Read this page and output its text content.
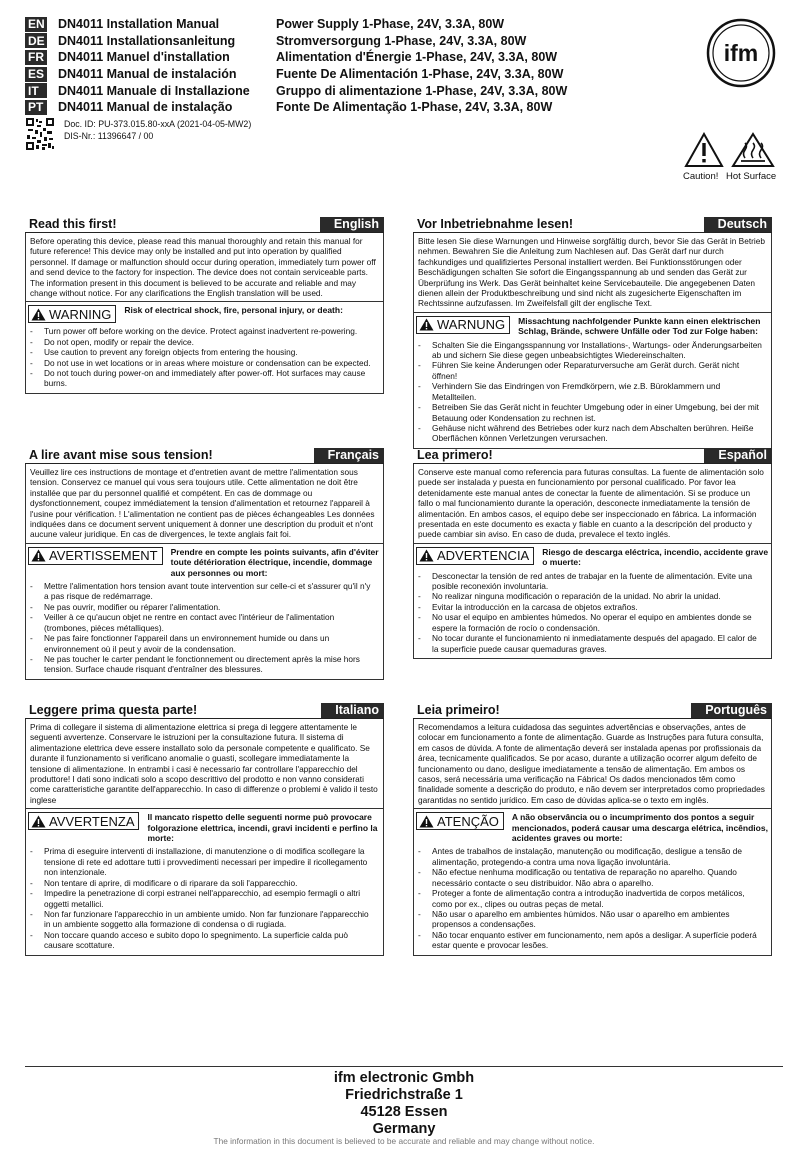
EN DN4011 Installation Manual	Power Supply 1-Phase, 24V, 3.3A, 80W
DE DN4011 Installationsanleitung	Stromversorgung 1-Phase, 24V, 3.3A, 80W
FR DN4011 Manuel d'installation	Alimentation d'Énergie 1-Phase, 24V, 3.3A, 80W
ES DN4011 Manual de instalación	Fuente De Alimentación 1-Phase, 24V, 3.3A, 80W
IT	DN4011 Manuale di Installazione	Gruppo di alimentazione 1-Phase, 24V, 3.3A, 80W
PT DN4011 Manual de instalação	Fonte De Alimentação 1-Phase, 24V, 3.3A, 80W
ifm
Doc. ID: PU-373.015.80-xxA (2021-04-05-MW2)
DIS-Nr.: 11396647 / 00
Caution! Hot Surface
Read this first!	English
Before operating this device, please read this manual thoroughly and retain this manual for future reference! This device may only be installed and put into operation by qualified personnel. If damage or malfunction should occur during operation, immediately turn power off and send device to the factory for inspection. The device does not contain serviceable parts. The information present in this document is believed to be accurate and reliable and may change without notice. For any clarifications the English translation will be used.
WARNING Risk of electrical shock, fire, personal injury, or death:
- Turn power off before working on the device. Protect against inadvertent re-powering.
- Do not open, modify or repair the device.
- Use caution to prevent any foreign objects from entering the housing.
- Do not use in wet locations or in areas where moisture or condensation can be expected.
- Do not touch during power-on and immediately after power-off. Hot surfaces may cause burns.
Vor Inbetriebnahme lesen!	Deutsch
Bitte lesen Sie diese Warnungen und Hinweise sorgfältig durch, bevor Sie das Gerät in Betrieb nehmen. Bewahren Sie die Anleitung zum Nachlesen auf. Das Gerät darf nur durch fachkundiges und qualifiziertes Personal installiert werden. Bei Funktionsstörungen oder Beschädigungen schalten Sie sofort die Eingangsspannung ab und senden das Gerät zur Überprüfung ins Werk. Das Gerät beinhaltet keine Servicebauteile. Die angegebenen Daten dienen allein der Produktbeschreibung und sind nicht als zugesicherte Eigenschaften im Rechtssinne aufzufassen. Im Zweifelsfall gilt der englische Text.
WARNUNG Missachtung nachfolgender Punkte kann einen elektrischen Schlag, Brände, schwere Unfälle oder Tod zur Folge haben:
- Schalten Sie die Eingangsspannung vor Installations-, Wartungs- oder Änderungsarbeiten ab und sichern Sie diese gegen unbeabsichtigtes Wiedereinschalten.
- Führen Sie keine Änderungen oder Reparaturversuche am Gerät durch. Gerät nicht öffnen!
- Verhindern Sie das Eindringen von Fremdkörpern, wie z.B. Büroklammern und Metallteilen.
- Betreiben Sie das Gerät nicht in feuchter Umgebung oder in einer Umgebung, bei der mit Betauung oder Kondensation zu rechnen ist.
- Gehäuse nicht während des Betriebes oder kurz nach dem Abschalten berühren. Heiße Oberflächen können Verletzungen verursachen.
A lire avant mise sous tension!	Français
Veuillez lire ces instructions de montage et d'entretien avant de mettre l'alimentation sous tension. Conservez ce manuel qui vous sera toujours utile. Cette alimentation ne doit être installée que par du personnel qualifié et compétent. En cas de dommage ou dysfonctionnement, coupez immédiatement la tension d'alimentation et retournez l'appareil à l'usine pour vérification. ! L'alimentation ne contient pas de pièces échangeables Les données indiquées dans ce document servent uniquement à donner une description du produit et n'ont aucune valeur juridique. En cas de divergences, le texte anglais fait foi.
AVERTISSEMENT Prendre en compte les points suivants, afin d'éviter toute détérioration électrique, incendie, dommage aux personnes ou mort:
- Mettre l'alimentation hors tension avant toute intervention sur celle-ci et s'assurer qu'il n'y a pas risque de redémarrage.
- Ne pas ouvrir, modifier ou réparer l'alimentation.
- Veiller à ce qu'aucun objet ne rentre en contact avec l'intérieur de l'alimentation (trombones, pièces métalliques).
- Ne pas faire fonctionner l'appareil dans un environnement humide ou dans un environnement où il peut y avoir de la condensation.
- Ne pas toucher le carter pendant le fonctionnement ou directement après la mise hors tension. Surface chaude risquant d'entraîner des blessures.
Lea primero!	Español
Conserve este manual como referencia para futuras consultas. La fuente de alimentación solo puede ser instalada y puesta en funcionamiento por personal cualificado. Por favor lea detenidamente este manual antes de conectar la fuente de alimentación. Si se produce un fallo o mal funcionamiento durante la operación, desconecte inmediatamente la tensión de alimentación. En ambos casos, el equipo debe ser inspeccionado en fábrica. La información presentada en este documento es exacta y fiable en cuanto a la descripción del producto y puede cambiar sin aviso. En caso de duda, prevalece el texto inglés.
ADVERTENCIA Riesgo de descarga eléctrica, incendio, accidente grave o muerte:
- Desconectar la tensión de red antes de trabajar en la fuente de alimentación. Evite una posible reconexión involuntaria.
- No realizar ninguna modificación o reparación de la unidad. No abrir la unidad.
- Evitar la introducción en la carcasa de objetos extraños.
- No usar el equipo en ambientes húmedos. No operar el equipo en ambientes donde se espere la formación de rocío o condensación.
- No tocar durante el funcionamiento ni inmediatamente después del apagado. El calor de la superficie puede causar quemaduras graves.
Leggere prima questa parte!	Italiano
Prima di collegare il sistema di alimentazione elettrica si prega di leggere attentamente le seguenti avvertenze. Conservare le istruzioni per la consultazione futura. Il sistema di alimentazione elettrica deve essere installato solo da personale competente e qualificato. Se durante il funzionamento si verificano anomalie o guasti, scollegare immediatamente la tensione di alimentazione. In entrambi i casi è necessario far controllare l'apparecchio del produttore! I dati sono indicati solo a scopo descrittivo del prodotto e non vanno considerati come caratteristiche garantite dell'apparecchio. In caso di differenze o problemi è valido il testo inglese
AVVERTENZA Il mancato rispetto delle seguenti norme può provocare folgorazione elettrica, incendi, gravi incidenti e perfino la morte:
- Prima di eseguire interventi di installazione, di manutenzione o di modifica scollegare la tensione di rete ed adottare tutti i provvedimenti necessari per impedire il ricollegamento non intenzionale.
- Non tentare di aprire, di modificare o di riparare da soli l'apparecchio.
- Impedire la penetrazione di corpi estranei nell'apparecchio, ad esempio fermagli o altri oggetti metallici.
- Non far funzionare l'apparecchio in un ambiente umido. Non far funzionare l'apparecchio in un ambiente soggetto alla formazione di condensa o di rugiada.
- Non toccare quando acceso e subito dopo lo spegnimento. La superficie calda può causare scottature.
Leia primeiro!	Português
Recomendamos a leitura cuidadosa das seguintes advertências e observações, antes de colocar em funcionamento a fonte de alimentação. Guarde as Instruções para futura consulta, em casos de dúvida. A fonte de alimentação deverá ser instalada apenas por profissionais da área, tecnicamente qualificados. Se por acaso, durante a utilização ocorrer algum defeito de funcionamento ou dano, desligue imediatamente a tensão de alimentação. Em ambos os casos, será necessária uma verificação na Fábrica! Os dados mencionados têm como finalidade somente a descrição do produto, e não devem ser interpretados como propriedades garantidas no sentido jurídico. Em caso de dúvidas aplica-se o texto em inglês.
ATENÇÃO A não observância ou o incumprimento dos pontos a seguir mencionados, poderá causar uma descarga elétrica, incêndios, acidentes graves ou morte:
- Antes de trabalhos de instalação, manutenção ou modificação, desligue a tensão de alimentação, protegendo-a contra uma nova ligação involuntária.
- Não efectue nenhuma modificação ou tentativa de reparação no aparelho. Quando necessário contacte o seu distribuidor. Não abra o aparelho.
- Proteger a fonte de alimentação contra a introdução inadvertida de corpos metálicos, como por ex., clipes ou outras peças de metal.
- Não usar o aparelho em ambientes húmidos. Não usar o aparelho em ambientes propensos a condensações.
- Não tocar enquanto estiver em funcionamento, nem após a desligar. A superfície poderá estar quente e provocar lesões.
ifm electronic Gmbh
Friedrichstraße 1
45128 Essen
Germany
The information in this document is believed to be accurate and reliable and may change without notice.
